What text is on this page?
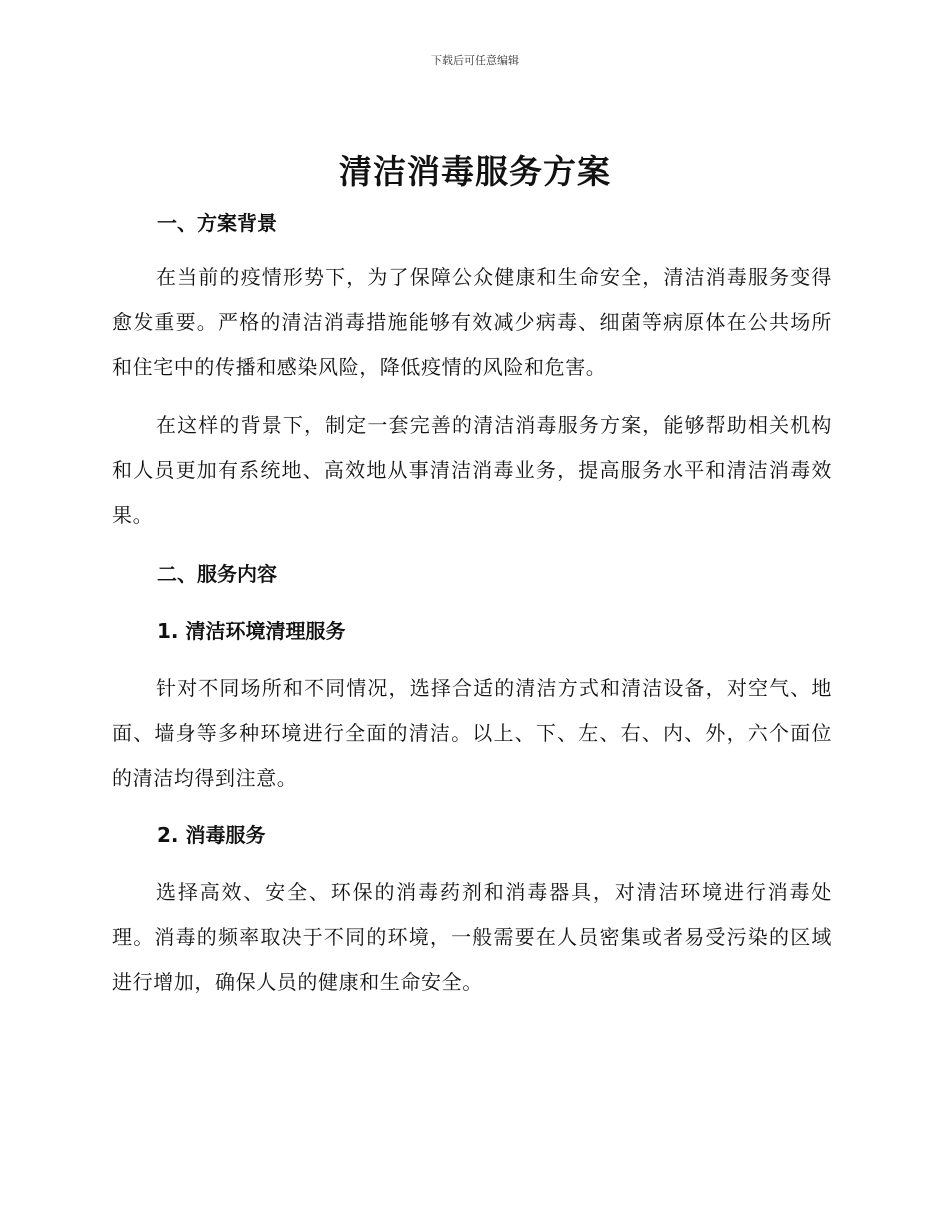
下载后可任意编辑
清洁消毒服务方案
一、方案背景

在当前的疫情形势下，为了保障公众健康和生命安全，清洁消毒服务变得愈发重要。严格的清洁消毒措施能够有效减少病毒、细菌等病原体在公共场所和住宅中的传播和感染风险，降低疫情的风险和危害。

在这样的背景下，制定一套完善的清洁消毒服务方案，能够帮助相关机构和人员更加有系统地、高效地从事清洁消毒业务，提高服务水平和清洁消毒效果。

二、服务内容
1. 清洁环境清理服务

针对不同场所和不同情况，选择合适的清洁方式和清洁设备，对空气、地面、墙身等多种环境进行全面的清洁。以上、下、左、右、内、外，六个面位的清洁均得到注意。

2. 消毒服务

选择高效、安全、环保的消毒药剂和消毒器具，对清洁环境进行消毒处理。消毒的频率取决于不同的环境，一般需要在人员密集或者易受污染的区域进行增加，确保人员的健康和生命安全。
